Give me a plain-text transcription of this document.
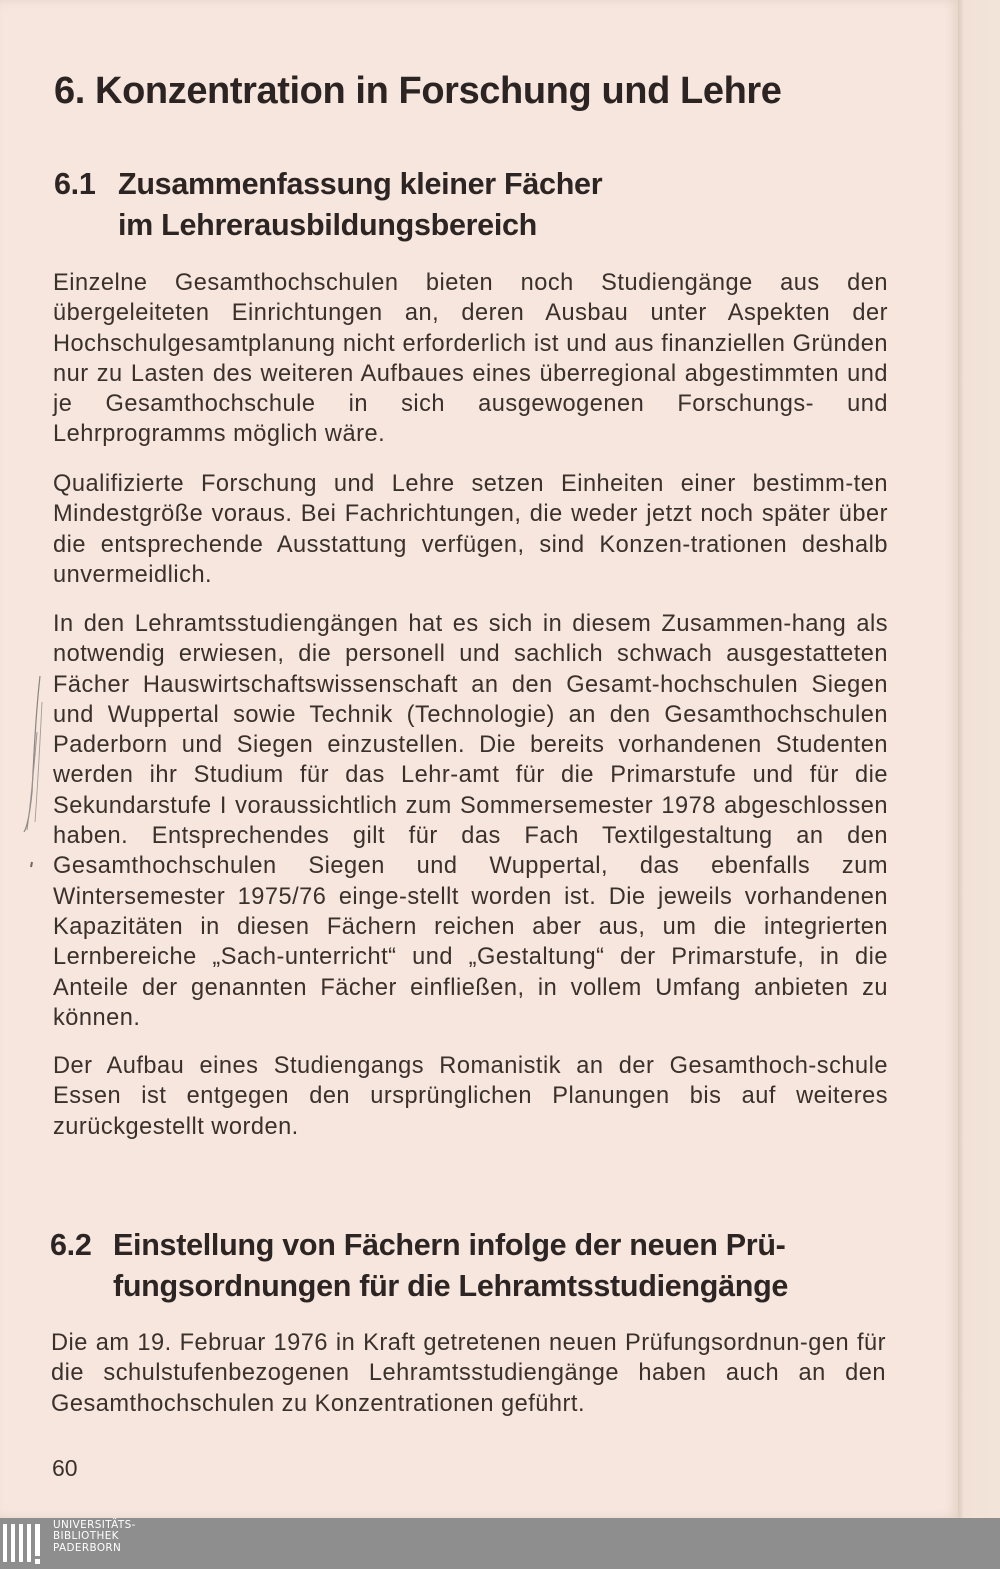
6. Konzentration in Forschung und Lehre
6.1 Zusammenfassung kleiner Fächer
im Lehrerausbildungsbereich

Einzelne Gesamthochschulen bieten noch Studiengänge aus den übergeleiteten Einrichtungen an, deren Ausbau unter Aspekten der Hochschulgesamtplanung nicht erforderlich ist und aus finanziellen Gründen nur zu Lasten des weiteren Aufbaues eines überregional abgestimmten und je Gesamthochschule in sich ausgewogenen Forschungs- und Lehrprogramms möglich wäre.

Qualifizierte Forschung und Lehre setzen Einheiten einer bestimm-ten Mindestgröße voraus. Bei Fachrichtungen, die weder jetzt noch später über die entsprechende Ausstattung verfügen, sind Konzen-trationen deshalb unvermeidlich.

In den Lehramtsstudiengängen hat es sich in diesem Zusammen-hang als notwendig erwiesen, die personell und sachlich schwach ausgestatteten Fächer Hauswirtschaftswissenschaft an den Gesamt-hochschulen Siegen und Wuppertal sowie Technik (Technologie) an den Gesamthochschulen Paderborn und Siegen einzustellen. Die bereits vorhandenen Studenten werden ihr Studium für das Lehr-amt für die Primarstufe und für die Sekundarstufe I voraussichtlich zum Sommersemester 1978 abgeschlossen haben. Entsprechendes gilt für das Fach Textilgestaltung an den Gesamthochschulen Siegen und Wuppertal, das ebenfalls zum Wintersemester 1975/76 einge-stellt worden ist. Die jeweils vorhandenen Kapazitäten in diesen Fächern reichen aber aus, um die integrierten Lernbereiche „Sach-unterricht“ und „Gestaltung“ der Primarstufe, in die Anteile der genannten Fächer einfließen, in vollem Umfang anbieten zu können.

Der Aufbau eines Studiengangs Romanistik an der Gesamthoch-schule Essen ist entgegen den ursprünglichen Planungen bis auf weiteres zurückgestellt worden.

6.2 Einstellung von Fächern infolge der neuen Prü-
fungsordnungen für die Lehramtsstudiengänge

Die am 19. Februar 1976 in Kraft getretenen neuen Prüfungsordnun-gen für die schulstufenbezogenen Lehramtsstudiengänge haben auch an den Gesamthochschulen zu Konzentrationen geführt.

60

UNIVERSITÄTS-
BIBLIOTHEK
PADERBORN
